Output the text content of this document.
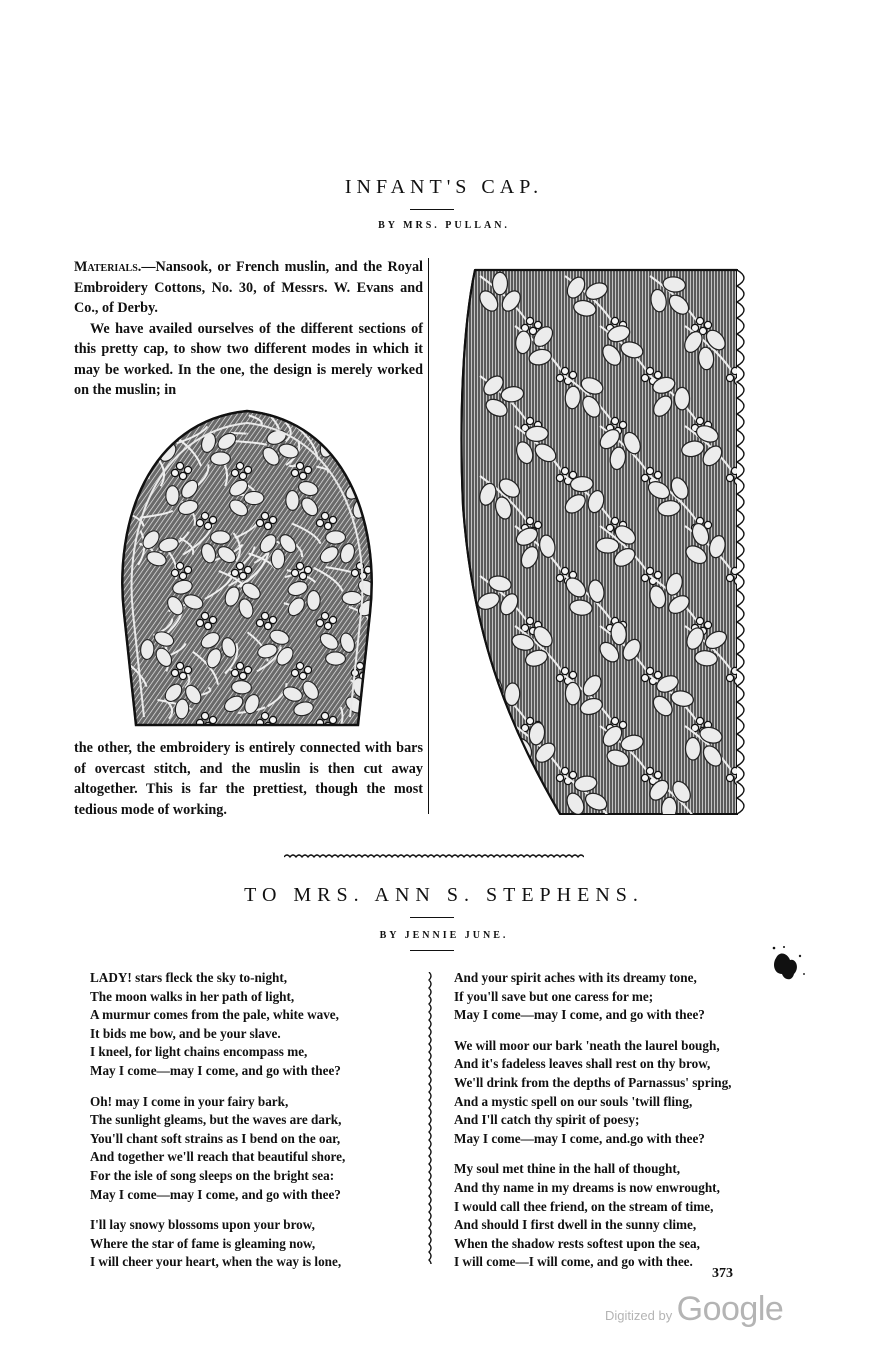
INFANT'S CAP.
BY MRS. PULLAN.

Materials.—Nansook, or French muslin, and the Royal Embroidery Cottons, No. 30, of Messrs. W. Evans and Co., of Derby.

We have availed ourselves of the different sections of this pretty cap, to show two different modes in which it may be worked. In the one, the design is merely worked on the muslin; in

the other, the embroidery is entirely connected with bars of overcast stitch, and the muslin is then cut away altogether. This is far the prettiest, though the most tedious mode of working.

TO MRS. ANN S. STEPHENS.
BY JENNIE JUNE.
LADY! stars fleck the sky to-night,
The moon walks in her path of light,
A murmur comes from the pale, white wave,
It bids me bow, and be your slave.
I kneel, for light chains encompass me,
May I come—may I come, and go with thee?
Oh! may I come in your fairy bark,
The sunlight gleams, but the waves are dark,
You'll chant soft strains as I bend on the oar,
And together we'll reach that beautiful shore,
For the isle of song sleeps on the bright sea:
May I come—may I come, and go with thee?
I'll lay snowy blossoms upon your brow,
Where the star of fame is gleaming now,
I will cheer your heart, when the way is lone,
And your spirit aches with its dreamy tone,
If you'll save but one caress for me;
May I come—may I come, and go with thee?
We will moor our bark 'neath the laurel bough,
And it's fadeless leaves shall rest on thy brow,
We'll drink from the depths of Parnassus' spring,
And a mystic spell on our souls 'twill fling,
And I'll catch thy spirit of poesy;
May I come—may I come, and.go with thee?
My soul met thine in the hall of thought,
And thy name in my dreams is now enwrought,
I would call thee friend, on the stream of time,
And should I first dwell in the sunny clime,
When the shadow rests softest upon the sea,
I will come—I will come, and go with thee.
373
Digitized by Google
